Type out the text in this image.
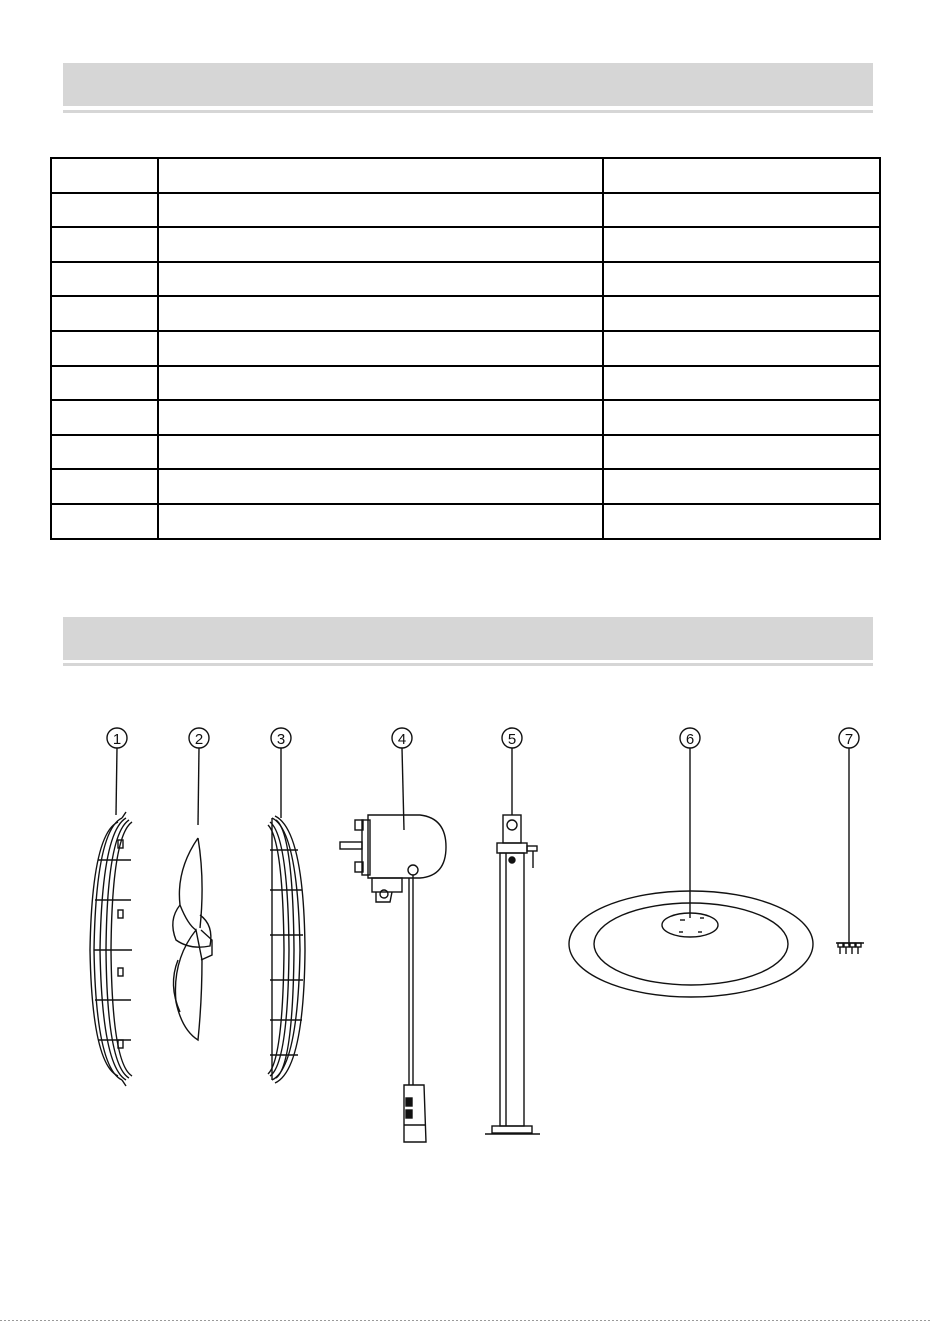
1	2	3	4	5	6	7
